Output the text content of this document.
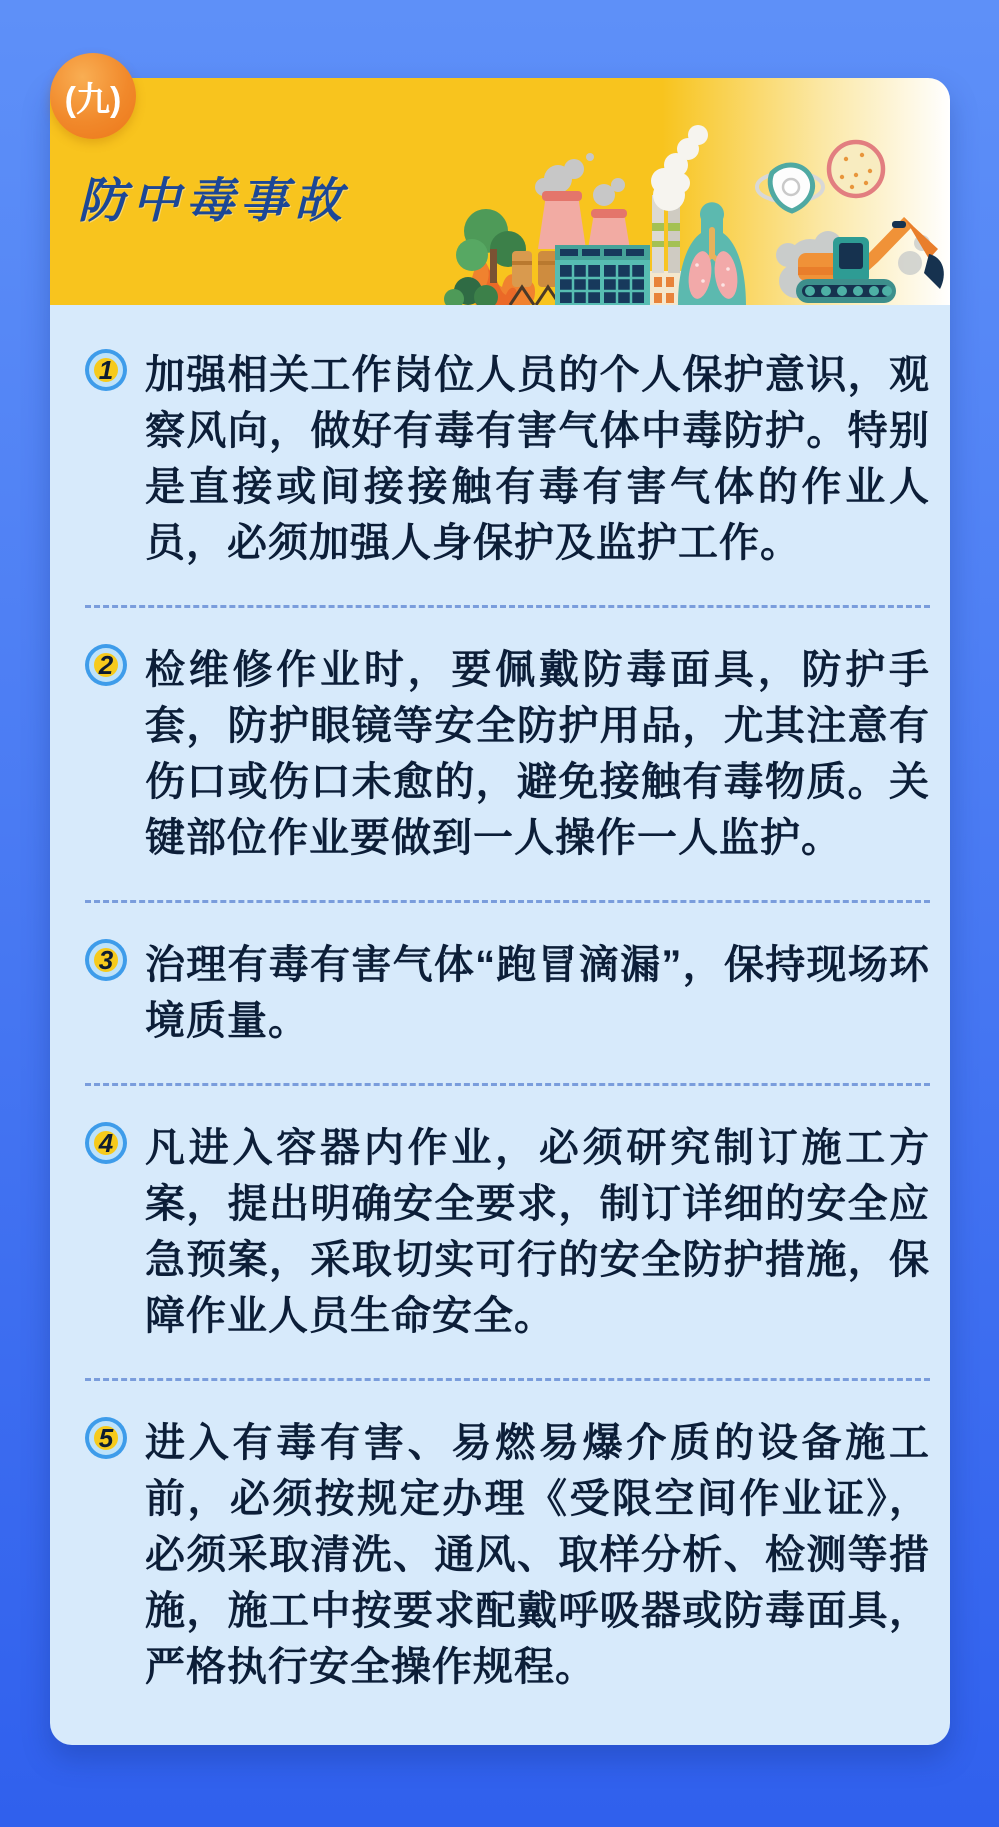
防中毒事故
1 加强相关工作岗位人员的个人保护意识，观察风向，做好有毒有害气体中毒防护。特别是直接或间接接触有毒有害气体的作业人员，必须加强人身保护及监护工作。
2 检维修作业时，要佩戴防毒面具，防护手套，防护眼镜等安全防护用品，尤其注意有伤口或伤口未愈的，避免接触有毒物质。关键部位作业要做到一人操作一人监护。
3 治理有毒有害气体“跑冒滴漏”，保持现场环境质量。
4 凡进入容器内作业，必须研究制订施工方案，提出明确安全要求，制订详细的安全应急预案，采取切实可行的安全防护措施，保障作业人员生命安全。
5 进入有毒有害、易燃易爆介质的设备施工前，必须按规定办理《受限空间作业证》，必须采取清洗、通风、取样分析、检测等措施，施工中按要求配戴呼吸器或防毒面具，严格执行安全操作规程。
(九)
